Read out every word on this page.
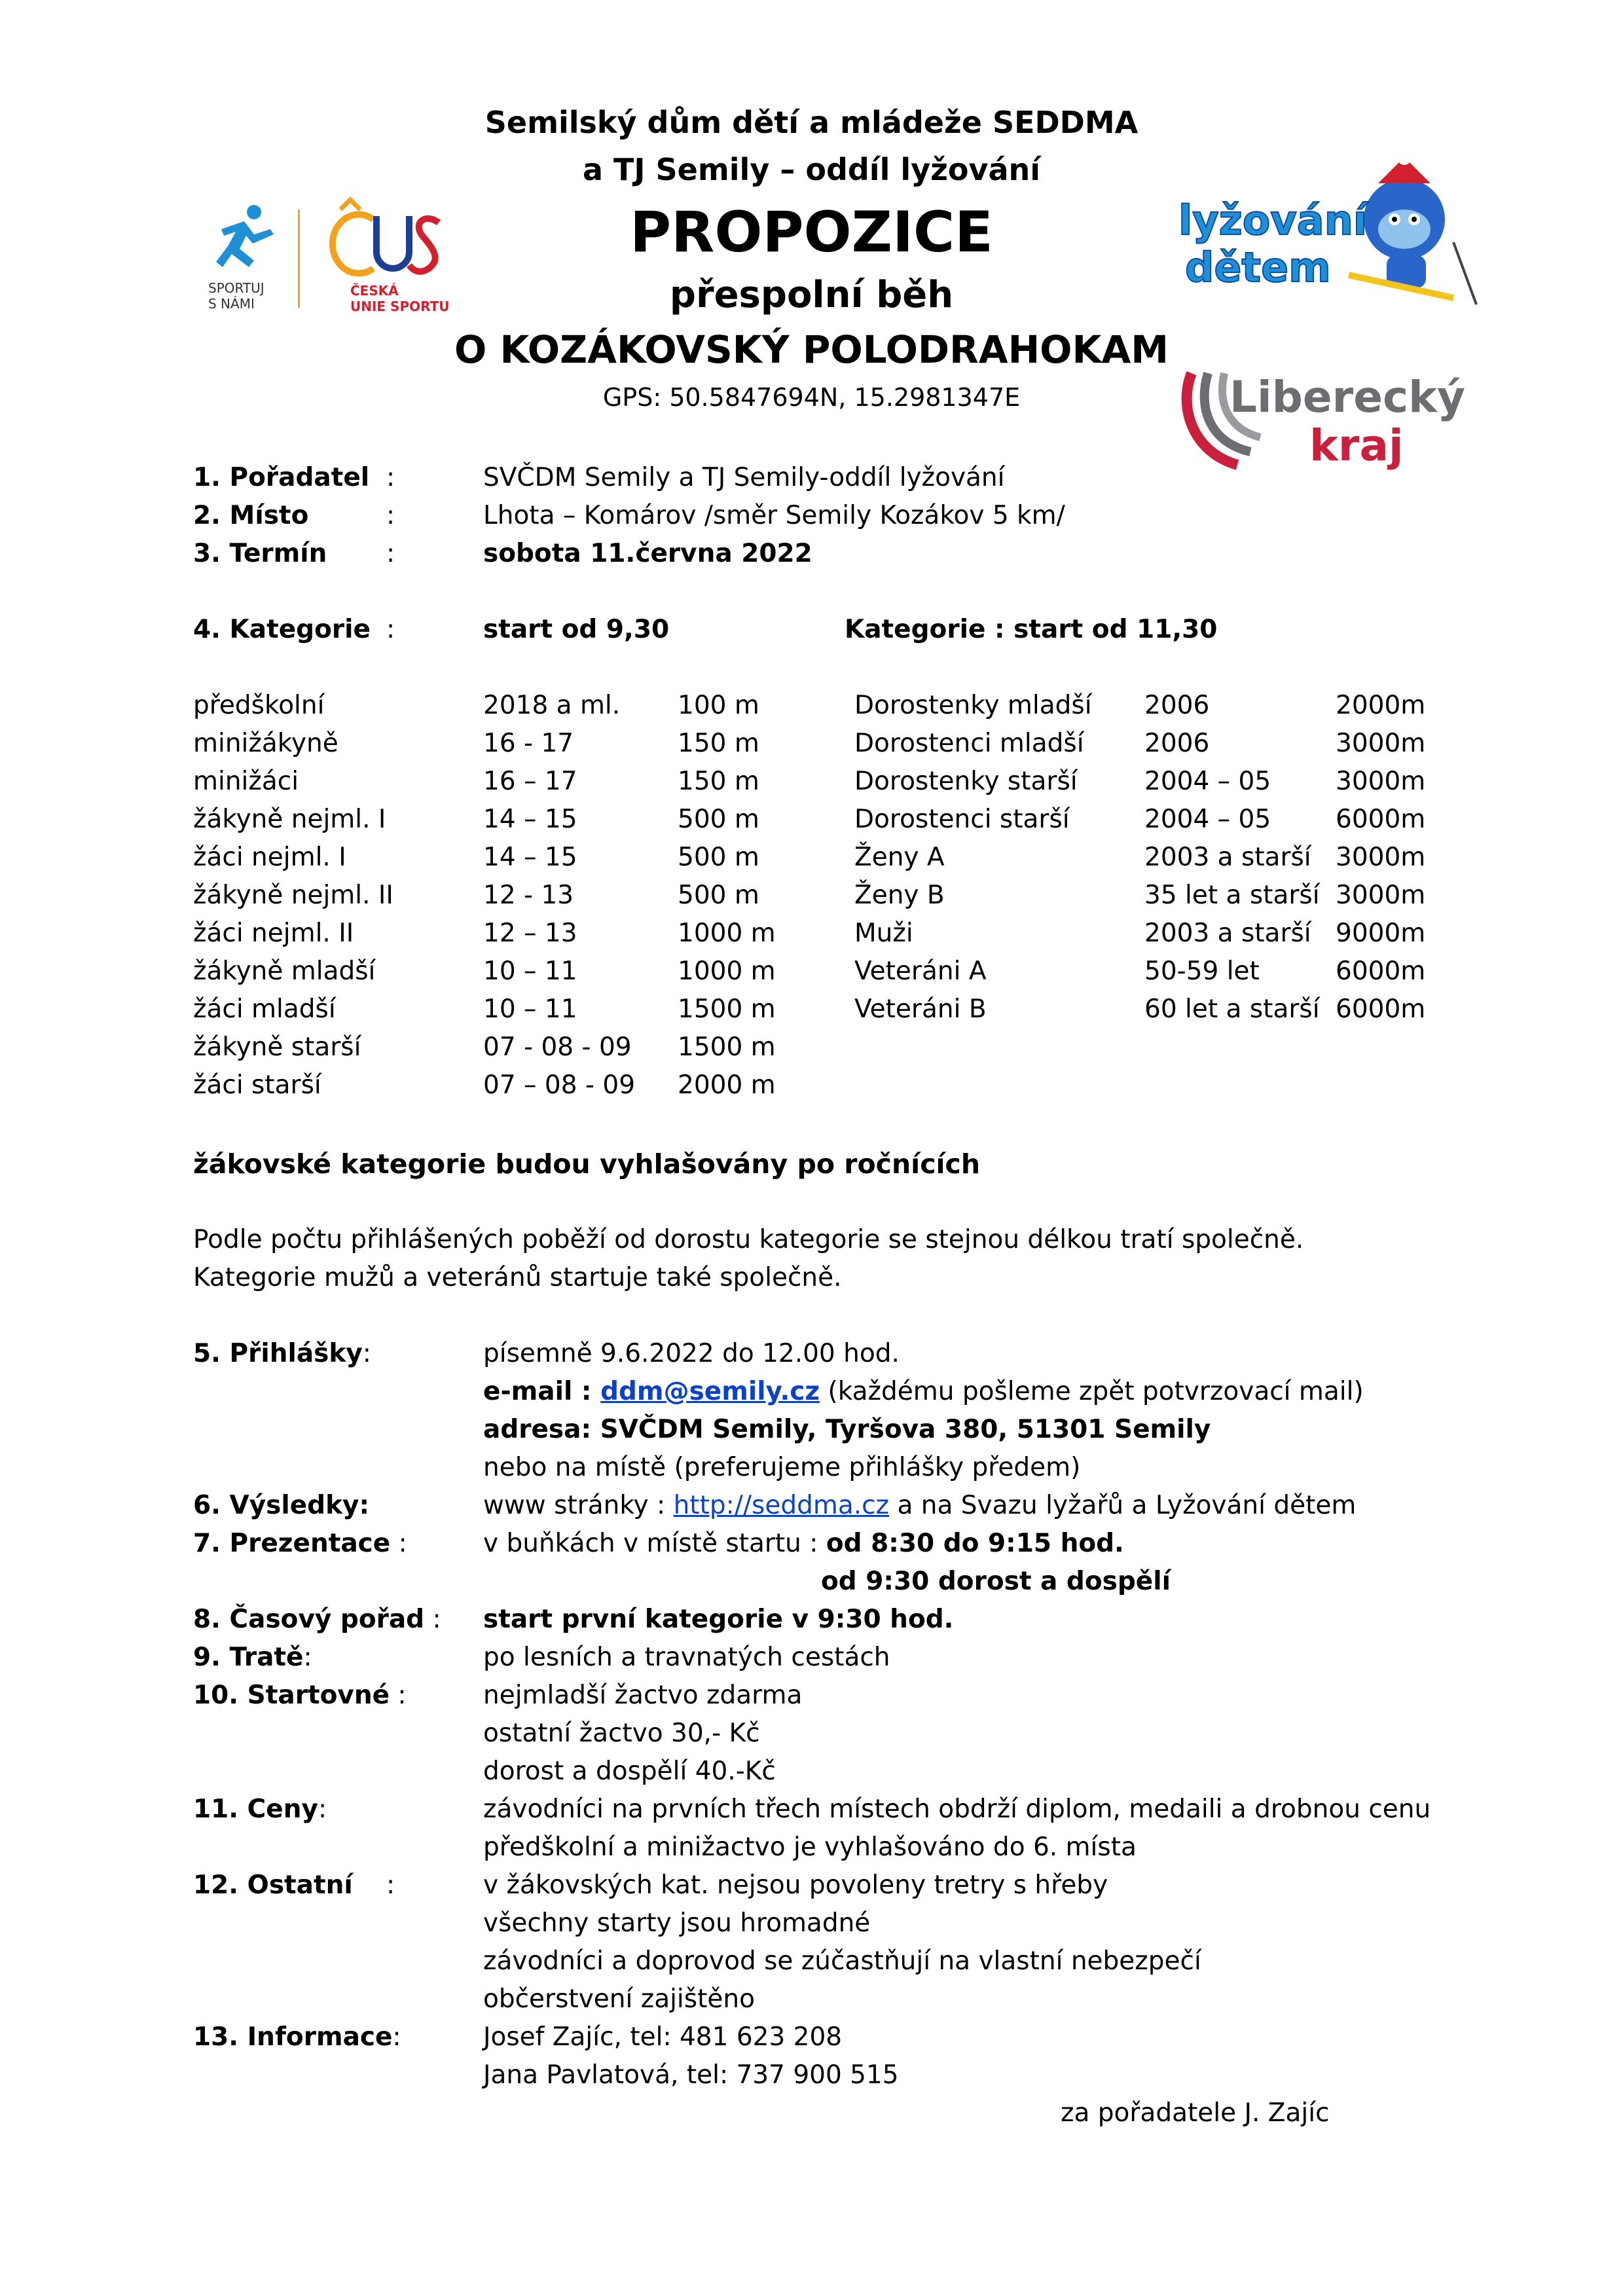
Semilský dům dětí a mládeže SEDDMA
a TJ Semily – oddíl lyžování
PROPOZICE
přespolní běh
O KOZÁKOVSKÝ POLODRAHOKAM
GPS: 50.5847694N, 15.2981347E
SPORTUJ
S NÁMI
ČESKÁ
UNIE SPORTU
lyžování
dětem
Liberecký
kraj
1. Pořadatel :	SVČDM Semily a TJ Semily-oddíl lyžování
2. Místo	:	Lhota – Komárov /směr Semily Kozákov 5 km/
3. Termín :	sobota 11.června 2022
4. Kategorie :	start od 9,30	Kategorie : start od 11,30
předškolní	2018 a ml. 100 m
minižákyně	16 - 17	150 m
minižáci	16 – 17	150 m
žákyně nejml. I	14 – 15	500 m
žáci nejml. I	14 – 15	500 m
žákyně nejml. II	12 - 13	500 m
žáci nejml. II	12 – 13	1000 m
žákyně mladší	10 – 11	1000 m
žáci mladší	10 – 11	1500 m
žákyně starší	07 - 08 - 09 1500 m
žáci starší	07 – 08 - 09 2000 m
Dorostenky mladší 2006	2000m
Dorostenci mladší 2006	3000m
Dorostenky starší	2004 – 05	3000m
Dorostenci starší	2004 – 05	6000m
Ženy A	2003 a starší 3000m
Ženy B	35 let a starší 3000m
Muži	2003 a starší 9000m
Veteráni A	50-59 let	6000m
Veteráni B	60 let a starší 6000m
žákovské kategorie budou vyhlašovány po ročnících
Podle počtu přihlášených poběží od dorostu kategorie se stejnou délkou tratí společně.
Kategorie mužů a veteránů startuje také společně.
5. Přihlášky:	písemně 9.6.2022 do 12.00 hod.
e-mail : ddm@semily.cz (každému pošleme zpět potvrzovací mail)
adresa: SVČDM Semily, Tyršova 380, 51301 Semily
nebo na místě (preferujeme přihlášky předem)
6. Výsledky:	www stránky : http://seddma.cz a na Svazu lyžařů a Lyžování dětem
7. Prezentace :	v buňkách v místě startu : od 8:30 do 9:15 hod.
od 9:30 dorost a dospělí
8. Časový pořad : start první kategorie v 9:30 hod.
9. Tratě:	po lesních a travnatých cestách
10. Startovné :	nejmladší žactvo zdarma
ostatní žactvo 30,- Kč
dorost a dospělí 40.-Kč
11. Ceny:	závodníci na prvních třech místech obdrží diplom, medaili a drobnou cenu
předškolní a minižactvo je vyhlašováno do 6. místa
12. Ostatní :	v žákovských kat. nejsou povoleny tretry s hřeby
všechny starty jsou hromadné
závodníci a doprovod se zúčastňují na vlastní nebezpečí
občerstvení zajištěno
13. Informace:	Josef Zajíc, tel: 481 623 208
Jana Pavlatová, tel: 737 900 515
za pořadatele J. Zajíc
